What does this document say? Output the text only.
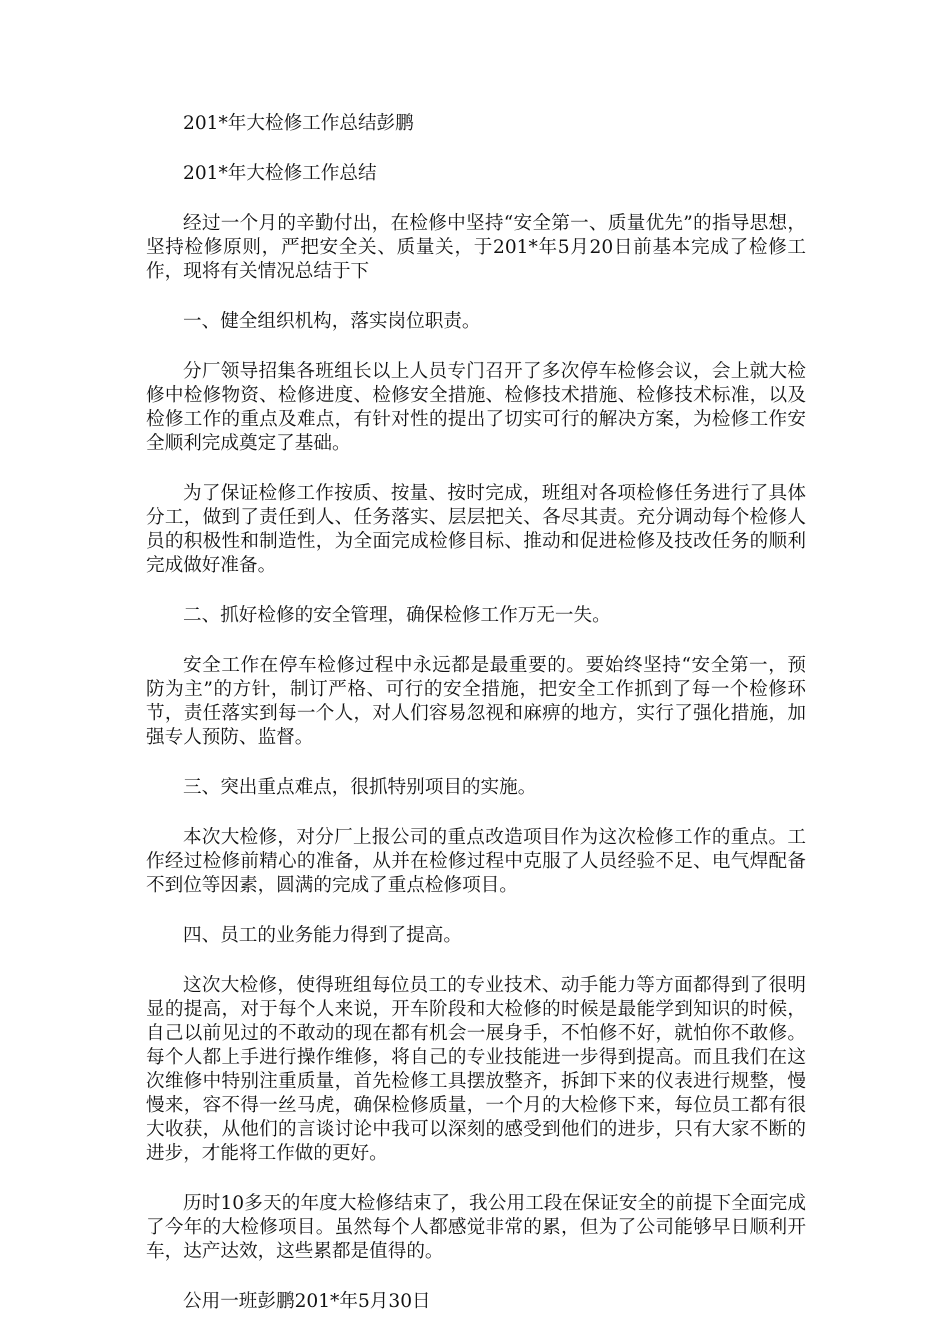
201*年大检修工作总结彭鹏

201*年大检修工作总结

经过一个月的辛勤付出，在检修中坚持“安全第一、质量优先”的指导思想，坚持检修原则，严把安全关、质量关，于201*年5月20日前基本完成了检修工作，现将有关情况总结于下

一、健全组织机构，落实岗位职责。

分厂领导招集各班组长以上人员专门召开了多次停车检修会议，会上就大检修中检修物资、检修进度、检修安全措施、检修技术措施、检修技术标准，以及检修工作的重点及难点，有针对性的提出了切实可行的解决方案，为检修工作安全顺利完成奠定了基础。

为了保证检修工作按质、按量、按时完成，班组对各项检修任务进行了具体分工，做到了责任到人、任务落实、层层把关、各尽其责。充分调动每个检修人员的积极性和制造性，为全面完成检修目标、推动和促进检修及技改任务的顺利完成做好准备。

二、抓好检修的安全管理，确保检修工作万无一失。

安全工作在停车检修过程中永远都是最重要的。要始终坚持“安全第一，预防为主”的方针，制订严格、可行的安全措施，把安全工作抓到了每一个检修环节，责任落实到每一个人，对人们容易忽视和麻痹的地方，实行了强化措施，加强专人预防、监督。

三、突出重点难点，很抓特别项目的实施。

本次大检修，对分厂上报公司的重点改造项目作为这次检修工作的重点。工作经过检修前精心的准备，从并在检修过程中克服了人员经验不足、电气焊配备不到位等因素，圆满的完成了重点检修项目。

四、员工的业务能力得到了提高。

这次大检修，使得班组每位员工的专业技术、动手能力等方面都得到了很明显的提高，对于每个人来说，开车阶段和大检修的时候是最能学到知识的时候，自己以前见过的不敢动的现在都有机会一展身手，不怕修不好，就怕你不敢修。每个人都上手进行操作维修，将自己的专业技能进一步得到提高。而且我们在这次维修中特别注重质量，首先检修工具摆放整齐，拆卸下来的仪表进行规整，慢慢来，容不得一丝马虎，确保检修质量，一个月的大检修下来，每位员工都有很大收获，从他们的言谈讨论中我可以深刻的感受到他们的进步，只有大家不断的进步，才能将工作做的更好。

历时10多天的年度大检修结束了，我公用工段在保证安全的前提下全面完成了今年的大检修项目。虽然每个人都感觉非常的累，但为了公司能够早日顺利开车，达产达效，这些累都是值得的。

公用一班彭鹏201*年5月30日
